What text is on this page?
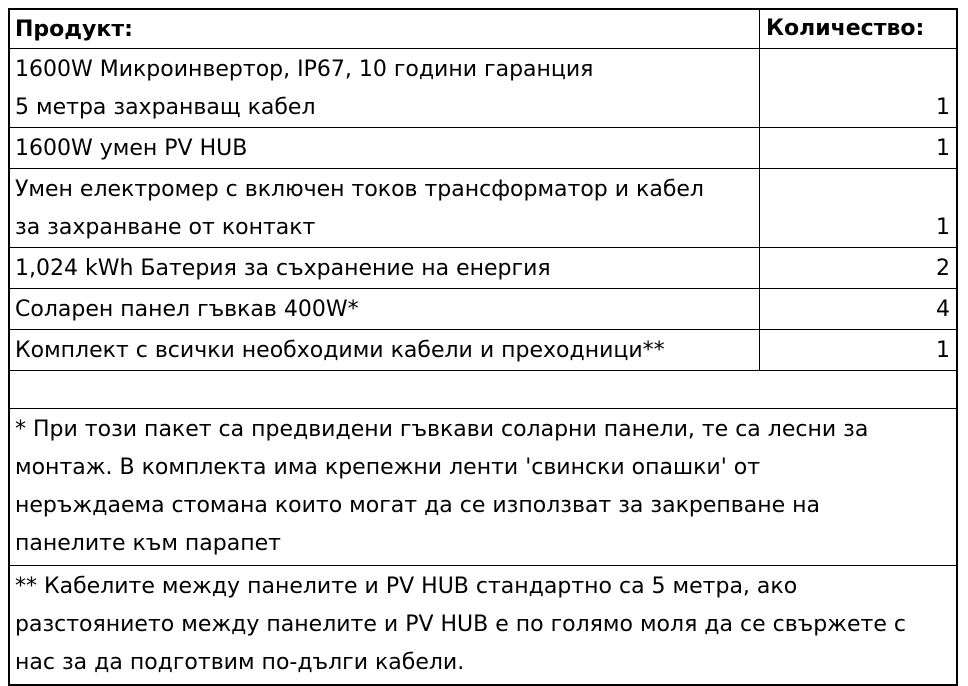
Продукт:	Количество:
1600W Микроинвертор, IP67, 10 години гаранция
5 метра захранващ кабел	1
1600W умен PV HUB	1
Умен електромер с включен токов трансформатор и кабел
за захранване от контакт	1
1,024 kWh Батерия за съхранение на енергия	2
Соларен панел гъвкав 400W*	4
Комплект с всички необходими кабели и преходници**	1
* При този пакет са предвидени гъвкави соларни панели, те са лесни за
монтаж. В комплекта има крепежни ленти 'свински опашки' от
неръждаема стомана които могат да се използват за закрепване на
панелите към парапет
** Кабелите между панелите и PV HUB стандартно са 5 метра, ако
разстоянието между панелите и PV HUB е по голямо моля да се свържете с
нас за да подготвим по-дълги кабели.
